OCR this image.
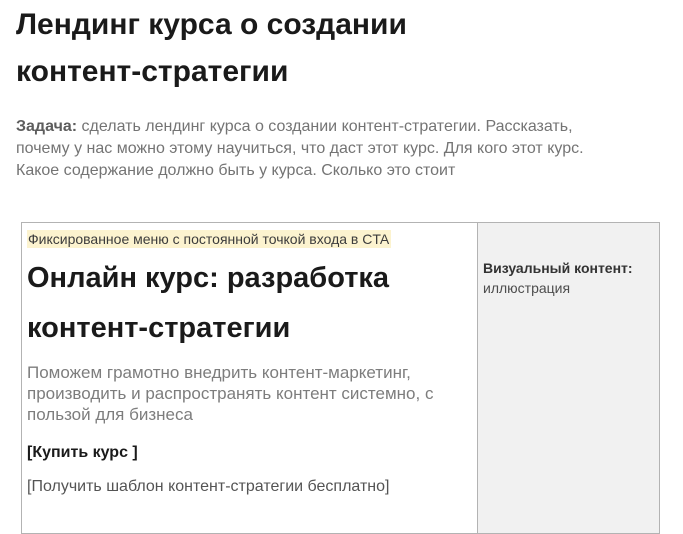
Лендинг курса о создании
контент-стратегии

Задача: сделать лендинг курса о создании контент-стратегии. Рассказать,
почему у нас можно этому научиться, что даст этот курс. Для кого этот курс.
Какое содержание должно быть у курса. Сколько это стоит

Фиксированное меню с постоянной точкой входа в CTA
Онлайн курс: разработка
контент-стратегии

Поможем грамотно внедрить контент-маркетинг,
производить и распространять контент системно, с
пользой для бизнеса

[Купить курс ]
[Получить шаблон контент-стратегии бесплатно]
Визуальный контент:
иллюстрация
